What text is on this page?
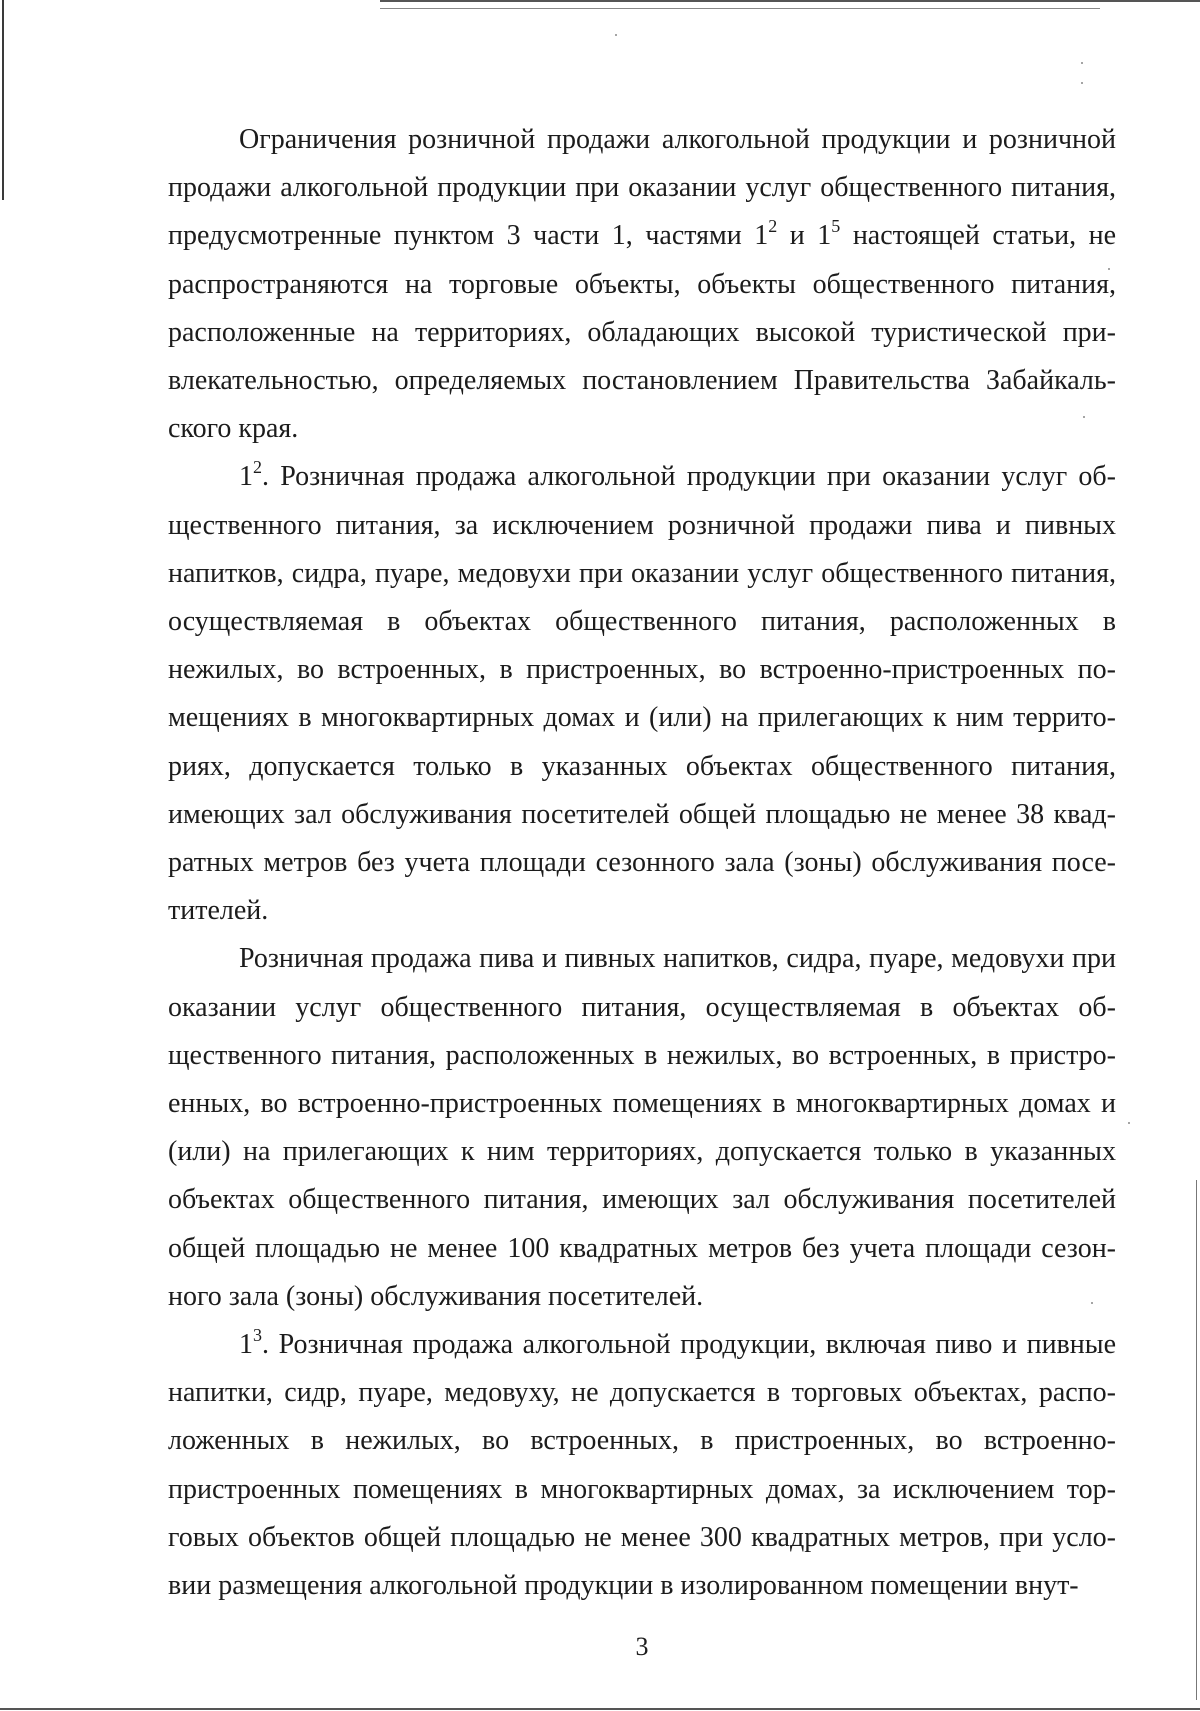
Ограничения розничной продажи алкогольной продукции и розничной продажи алкогольной продукции при оказании услуг общественного питания, предусмотренные пунктом 3 части 1, частями $1^2$ и $1^5$ настоящей статьи, не распространяются на торговые объекты, объекты общественного питания, расположенные на территориях, обладающих высокой туристической привлекательностью, определяемых постановлением Правительства Забайкальского края.

$1^2$. Розничная продажа алкогольной продукции при оказании услуг общественного питания, за исключением розничной продажи пива и пивных напитков, сидра, пуаре, медовухи при оказании услуг общественного питания, осуществляемая в объектах общественного питания, расположенных в нежилых, во встроенных, в пристроенных, во встроенно-пристроенных помещениях в многоквартирных домах и (или) на прилегающих к ним территориях, допускается только в указанных объектах общественного питания, имеющих зал обслуживания посетителей общей площадью не менее 38 квадратных метров без учета площади сезонного зала (зоны) обслуживания посетителей.

Розничная продажа пива и пивных напитков, сидра, пуаре, медовухи при оказании услуг общественного питания, осуществляемая в объектах общественного питания, расположенных в нежилых, во встроенных, в пристроенных, во встроенно-пристроенных помещениях в многоквартирных домах и (или) на прилегающих к ним территориях, допускается только в указанных объектах общественного питания, имеющих зал обслуживания посетителей общей площадью не менее 100 квадратных метров без учета площади сезонного зала (зоны) обслуживания посетителей.

$1^3$. Розничная продажа алкогольной продукции, включая пиво и пивные напитки, сидр, пуаре, медовуху, не допускается в торговых объектах, расположенных в нежилых, во встроенных, в пристроенных, во встроенно-пристроенных помещениях в многоквартирных домах, за исключением торговых объектов общей площадью не менее 300 квадратных метров, при условии размещения алкогольной продукции в изолированном помещении внут-

3
